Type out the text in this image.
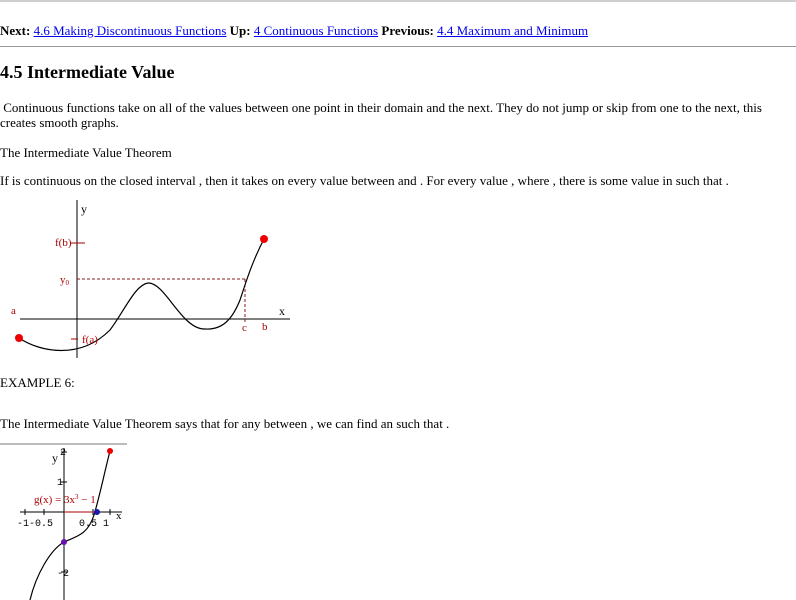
Next: 4.6 Making Discontinuous Functions Up: 4 Continuous Functions Previous: 4.4 Maximum and Minimum
4.5 Intermediate Value

Continuous functions take on all of the values between one point in their domain and the next. They do not jump or skip from one to the next, this creates smooth graphs.

The Intermediate Value Theorem

If is continuous on the closed interval , then it takes on every value between and . For every value , where , there is some value in such that .

y
x
f(b)
y0
a
c b
f(a)

EXAMPLE 6:

The Intermediate Value Theorem says that for any between , we can find an such that .

y 2
1
-2
$g(x) = 3x^3 - 1$
-1-0.5	0.5 1
x
